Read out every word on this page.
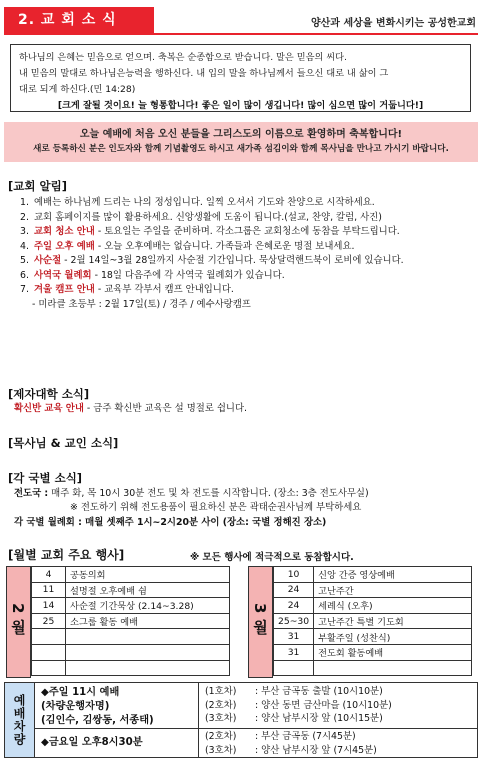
2. 교 회 소 식	양산과 세상을 변화시키는 공성한교회
하나님의 은혜는 믿음으로 얻으며. 축복은 순종함으로 받습니다. 말은 믿음의 씨다.
내 믿음의 말대로 하나님은능력을 행하신다. 내 입의 말을 하나님께서 들으신 대로 내 삶이 그
대로 되게 하신다.(민 14:28)
[크게 잘될 것이요! 늘 형통합니다! 좋은 일이 많이 생깁니다! 많이 심으면 많이 거둡니다!]
오늘 예배에 처음 오신 분들을 그리스도의 이름으로 환영하며 축복합니다!
새로 등록하신 분은 인도자와 함께 기념촬영도 하시고 새가족 섬김이와 함께 목사님을 만나고 가시기 바랍니다.
[교회 알림]
1. 예배는 하나님께 드리는 나의 정성입니다. 일찍 오셔서 기도와 찬양으로 시작하세요.
2. 교회 홈페이지를 많이 활용하세요. 신앙생활에 도움이 됩니다.(설교, 찬양, 칼럼, 사진)
3. 교회 청소 안내 - 토요일는 주일을 준비하며. 각소그룹은 교회청소에 동참을 부탁드립니다.
4. 주일 오후 예배 - 오늘 오후예배는 없습니다. 가족들과 은혜로운 명절 보내세요.
5. 사순절 - 2월 14일~3월 28일까지 사순절 기간입니다. 묵상달력핸드북이 로비에 있습니다.
6. 사역국 월례회 - 18일 다음주에 각 사역국 월례회가 있습니다.
7. 겨울 캠프 안내 - 교육부 각부서 캠프 안내입니다.
- 미라클 초등부 : 2월 17일(토) / 경주 / 예수사랑캠프
[제자대학 소식]
확신반 교육 안내 - 금주 확신반 교육은 설 명절로 쉽니다.
[목사님 & 교인 소식]
[각 국별 소식]
전도국 : 매주 화, 목 10시 30분 전도 및 차 전도를 시작합니다. (장소: 3층 전도사무실)
※ 전도하기 위해 전도용품이 필요하신 분은 곽태순권사님께 부탁하세요
각 국별 월례회 : 매월 셋째주 1시~2시20분 사이 (장소: 국별 정해진 장소)
[월별 교회 주요 행사]	※ 모든 행사에 적극적으로 동참합시다.
2월
4	공동의회
11	설명절 오후예배 쉼
14	사순절 기간묵상 (2.14~3.28)
25	소그룹 활동 예배

		3월
10	신앙 간증 영상예배
24	고난주간
24	세례식 (오후)
25~30	고난주간 특별 기도회
31	부활주일 (성찬식)
31	전도회 활동예배

예배차량
◆주일 11시 예배
(차량운행자명)
(김인수, 김쌍동, 서종태)
(1호차) : 부산 금곡동 출발 (10시10분)
(2호차) : 양산 동면 금산마을 (10시10분)
(3호차) : 양산 남부시장 앞 (10시15분)
◆금요일 오후8시30분
(2호차) : 부산 금곡동 (7시45분)
(3호차) : 양산 남부시장 앞 (7시45분)
